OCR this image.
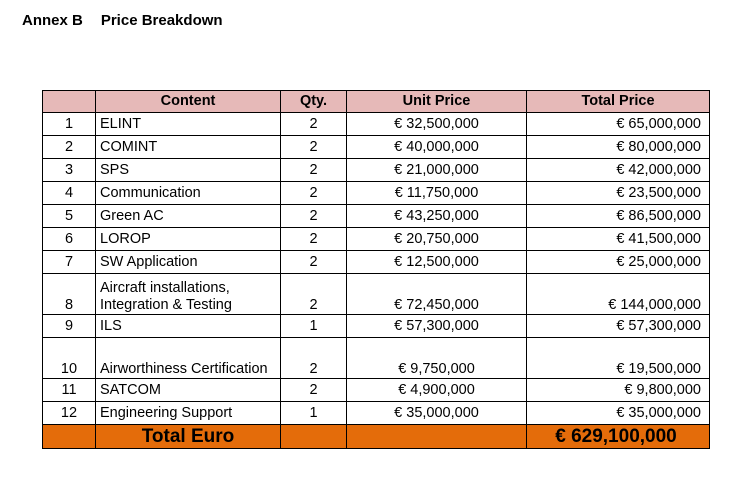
Annex B Price Breakdown
	Content	Qty.	Unit Price	Total Price
1	ELINT	2	€ 32,500,000	€ 65,000,000
2	COMINT	2	€ 40,000,000	€ 80,000,000
3	SPS	2	€ 21,000,000	€ 42,000,000
4	Communication	2	€ 11,750,000	€ 23,500,000
5	Green AC	2	€ 43,250,000	€ 86,500,000
6	LOROP	2	€ 20,750,000	€ 41,500,000
7	SW Application	2	€ 12,500,000	€ 25,000,000
8	Aircraft installations, Integration & Testing	2	€ 72,450,000	€ 144,000,000
9	ILS	1	€ 57,300,000	€ 57,300,000
10	Airworthiness Certification	2	€ 9,750,000	€ 19,500,000
11	SATCOM	2	€ 4,900,000	€ 9,800,000
12	Engineering Support	1	€ 35,000,000	€ 35,000,000
	Total Euro			€ 629,100,000
